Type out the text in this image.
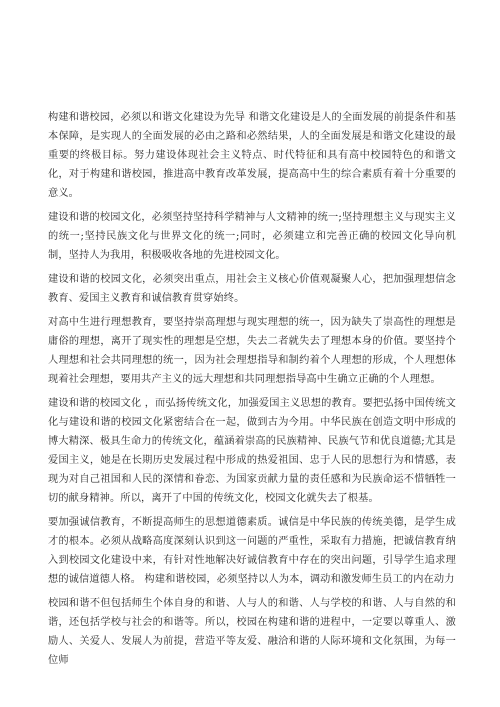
构建和谐校园，必须以和谐文化建设为先导 和谐文化建设是人的全面发展的前提条件和基本保障，是实现人的全面发展的必由之路和必然结果，人的全面发展是和谐文化建设的最重要的终极目标。努力建设体现社会主义特点、时代特征和具有高中校园特色的和谐文化，对于构建和谐校园，推进高中教育改革发展，提高高中生的综合素质有着十分重要的意义。

建设和谐的校园文化，必须坚持坚持科学精神与人文精神的统一;坚持理想主义与现实主义的统一;坚持民族文化与世界文化的统一;同时，必须建立和完善正确的校园文化导向机制，坚持人为我用，积极吸收各地的先进校园文化。

建设和谐的校园文化，必须突出重点，用社会主义核心价值观凝聚人心，把加强理想信念教育、爱国主义教育和诚信教育贯穿始终。

对高中生进行理想教育，要坚持崇高理想与现实理想的统一，因为缺失了崇高性的理想是庸俗的理想，离开了现实性的理想是空想，失去二者就失去了理想本身的价值。要坚持个人理想和社会共同理想的统一，因为社会理想指导和制约着个人理想的形成，个人理想体现着社会理想，要用共产主义的远大理想和共同理想指导高中生确立正确的个人理想。

建设和谐的校园文化 ，而弘扬传统文化，加强爱国主义思想的教育。要把弘扬中国传统文化与建设和谐的校园文化紧密结合在一起，做到古为今用。中华民族在创造文明中形成的博大精深、极具生命力的传统文化，蕴涵着崇高的民族精神、民族气节和优良道德;尤其是爱国主义，她是在长期历史发展过程中形成的热爱祖国、忠于人民的思想行为和情感，表现为对自己祖国和人民的深情和眷恋、为国家贡献力量的责任感和为民族命运不惜牺牲一切的献身精神。所以，离开了中国的传统文化，校园文化就失去了根基。

要加强诚信教育，不断提高师生的思想道德素质。诚信是中华民族的传统美德，是学生成才的根本。必须从战略高度深刻认识到这一问题的严重性，采取有力措施，把诚信教育纳入到校园文化建设中来，有针对性地解决好诚信教育中存在的突出问题，引导学生追求理想的诚信道德人格。 构建和谐校园，必须坚持以人为本，调动和激发师生员工的内在动力

校园和谐不但包括师生个体自身的和谐、人与人的和谐、人与学校的和谐、人与自然的和谐，还包括学校与社会的和谐等。所以，校园在构建和谐的进程中，一定要以尊重人、激励人、关爱人、发展人为前提，营造平等友爱、融洽和谐的人际环境和文化氛围，为每一位师
